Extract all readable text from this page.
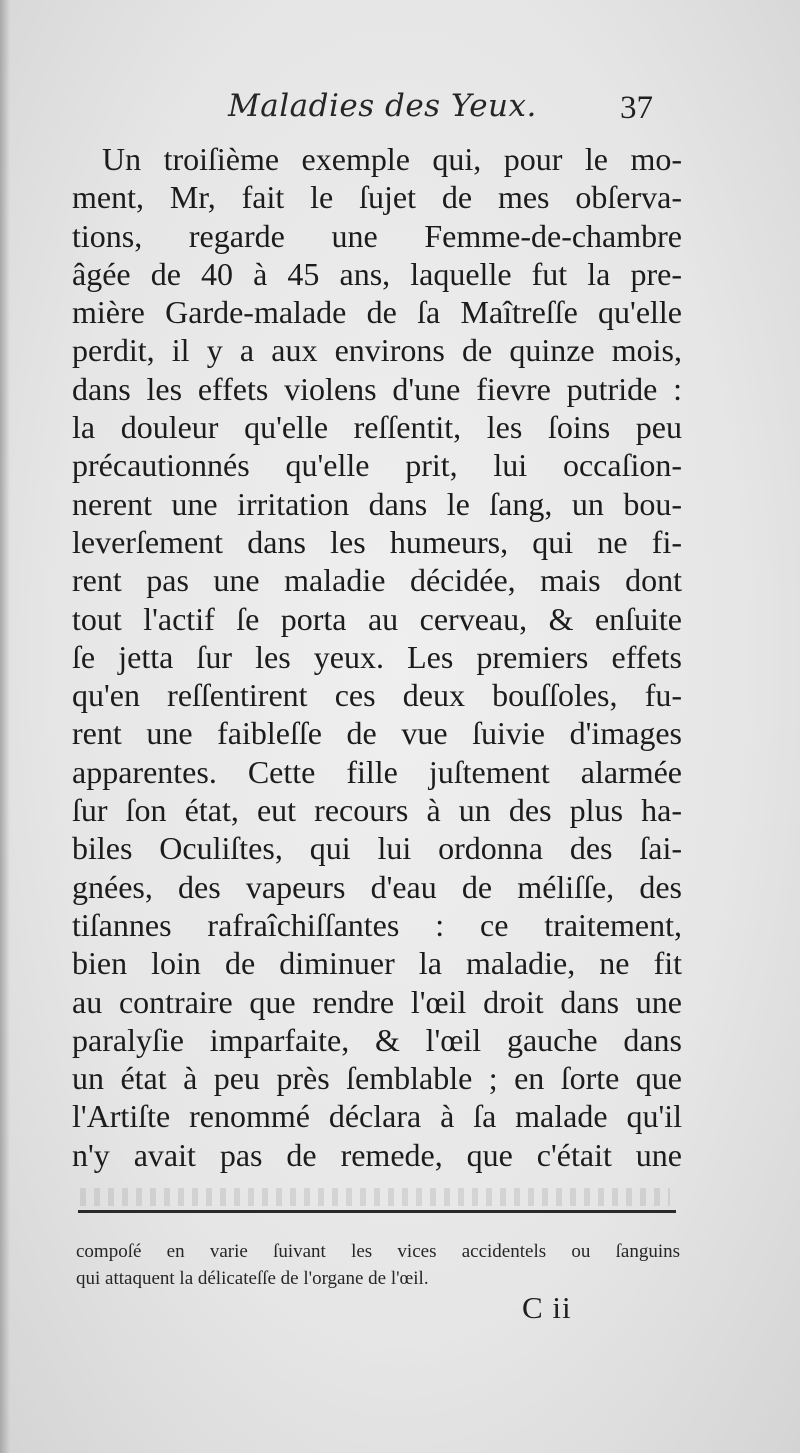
Maladies des Yeux.	37
Un troiſième exemple qui, pour le mo-
ment, Mr, fait le ſujet de mes obſerva-
tions, regarde une Femme-de-chambre
âgée de 40 à 45 ans, laquelle fut la pre-
mière Garde-malade de ſa Maîtreſſe qu'elle
perdit, il y a aux environs de quinze mois,
dans les effets violens d'une fievre putride :
la douleur qu'elle reſſentit, les ſoins peu
précautionnés qu'elle prit, lui occaſion-
nerent une irritation dans le ſang, un bou-
leverſement dans les humeurs, qui ne fi-
rent pas une maladie décidée, mais dont
tout l'actif ſe porta au cerveau, & enſuite
ſe jetta ſur les yeux. Les premiers effets
qu'en reſſentirent ces deux bouſſoles, fu-
rent une faibleſſe de vue ſuivie d'images
apparentes. Cette fille juſtement alarmée
ſur ſon état, eut recours à un des plus ha-
biles Oculiſtes, qui lui ordonna des ſai-
gnées, des vapeurs d'eau de méliſſe, des
tiſannes rafraîchiſſantes : ce traitement,
bien loin de diminuer la maladie, ne fit
au contraire que rendre l'œil droit dans une
paralyſie imparfaite, & l'œil gauche dans
un état à peu près ſemblable ; en ſorte que
l'Artiſte renommé déclara à ſa malade qu'il
n'y avait pas de remede, que c'était une
compoſé en varie ſuivant les vices accidentels ou ſanguins
qui attaquent la délicateſſe de l'organe de l'œil.
C ii
